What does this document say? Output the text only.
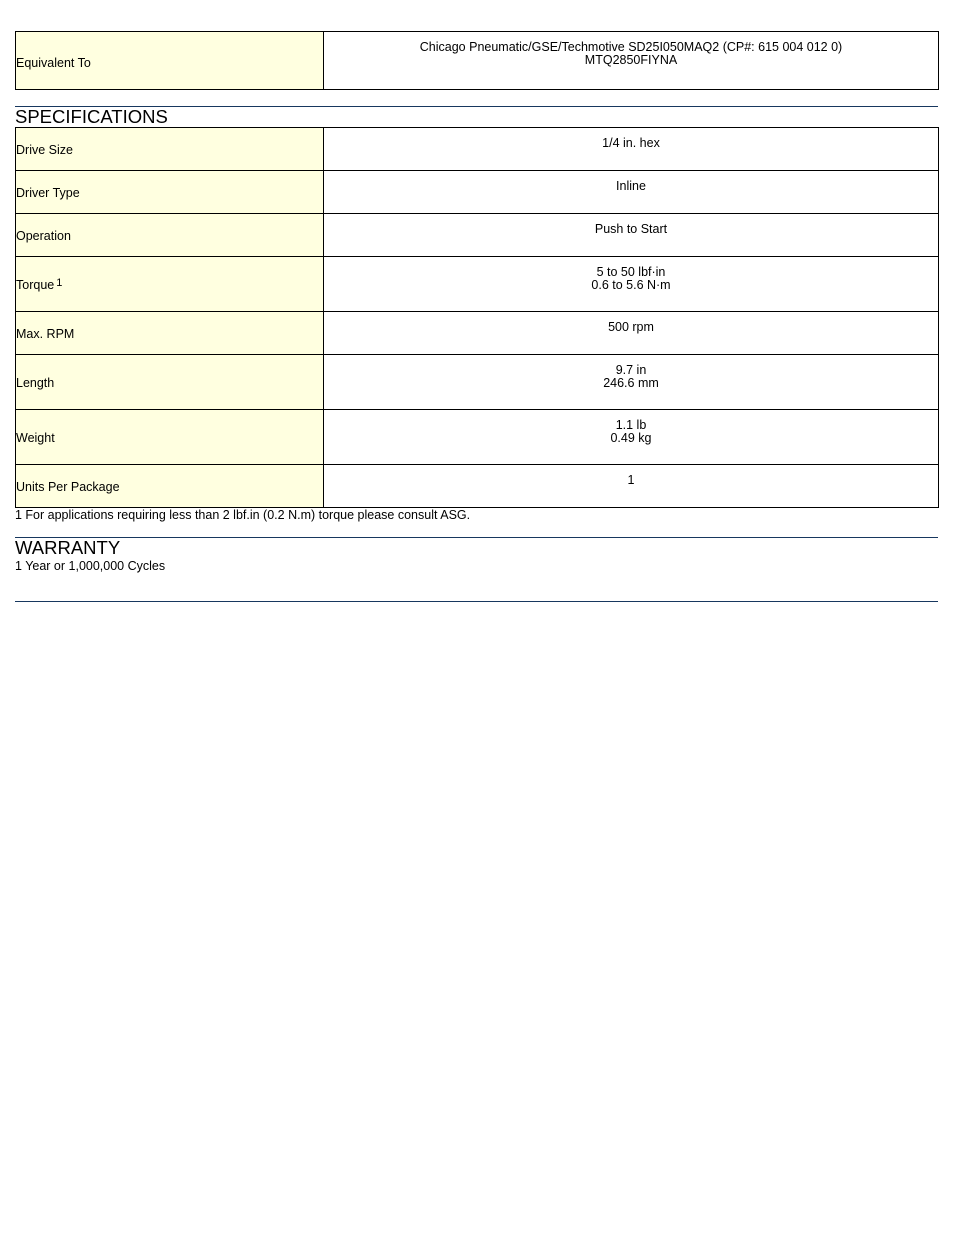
Equivalent To	
Chicago Pneumatic/GSE/Techmotive SD25I050MAQ2 (CP#: 615 004 012 0)
MTQ2850FIYNA
SPECIFICATIONS
Drive Size	1/4 in. hex

Driver Type	Inline

Operation	Push to Start

Torque $^1$	5 to 50 lbf·in
0.6 to 5.6 N·m

Max. RPM	500 rpm

Length	9.7 in
246.6 mm

Weight	1.1 lb
0.49 kg

Units Per Package	1
1 For applications requiring less than 2 lbf.in (0.2 N.m) torque please consult ASG.
WARRANTY
1 Year or 1,000,000 Cycles
